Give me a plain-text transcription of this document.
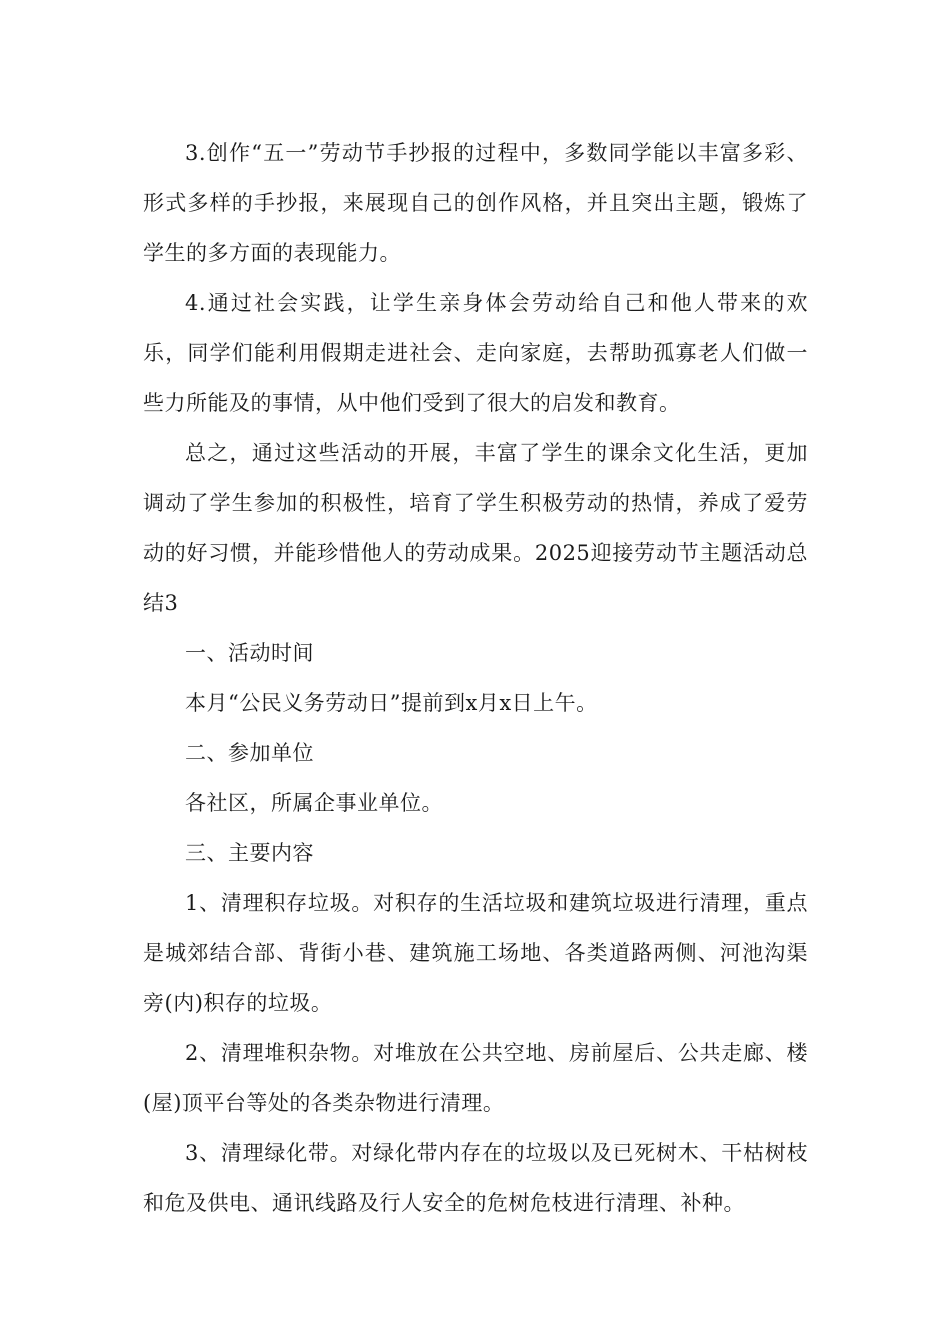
3.创作“五一”劳动节手抄报的过程中，多数同学能以丰富多彩、形式多样的手抄报，来展现自己的创作风格，并且突出主题，锻炼了学生的多方面的表现能力。

4.通过社会实践，让学生亲身体会劳动给自己和他人带来的欢乐，同学们能利用假期走进社会、走向家庭，去帮助孤寡老人们做一些力所能及的事情，从中他们受到了很大的启发和教育。

总之，通过这些活动的开展，丰富了学生的课余文化生活，更加调动了学生参加的积极性，培育了学生积极劳动的热情，养成了爱劳动的好习惯，并能珍惜他人的劳动成果。2025迎接劳动节主题活动总结3

一、活动时间

本月“公民义务劳动日”提前到x月x日上午。

二、参加单位

各社区，所属企事业单位。

三、主要内容

1、清理积存垃圾。对积存的生活垃圾和建筑垃圾进行清理，重点是城郊结合部、背街小巷、建筑施工场地、各类道路两侧、河池沟渠旁(内)积存的垃圾。

2、清理堆积杂物。对堆放在公共空地、房前屋后、公共走廊、楼(屋)顶平台等处的各类杂物进行清理。

3、清理绿化带。对绿化带内存在的垃圾以及已死树木、干枯树枝和危及供电、通讯线路及行人安全的危树危枝进行清理、补种。
